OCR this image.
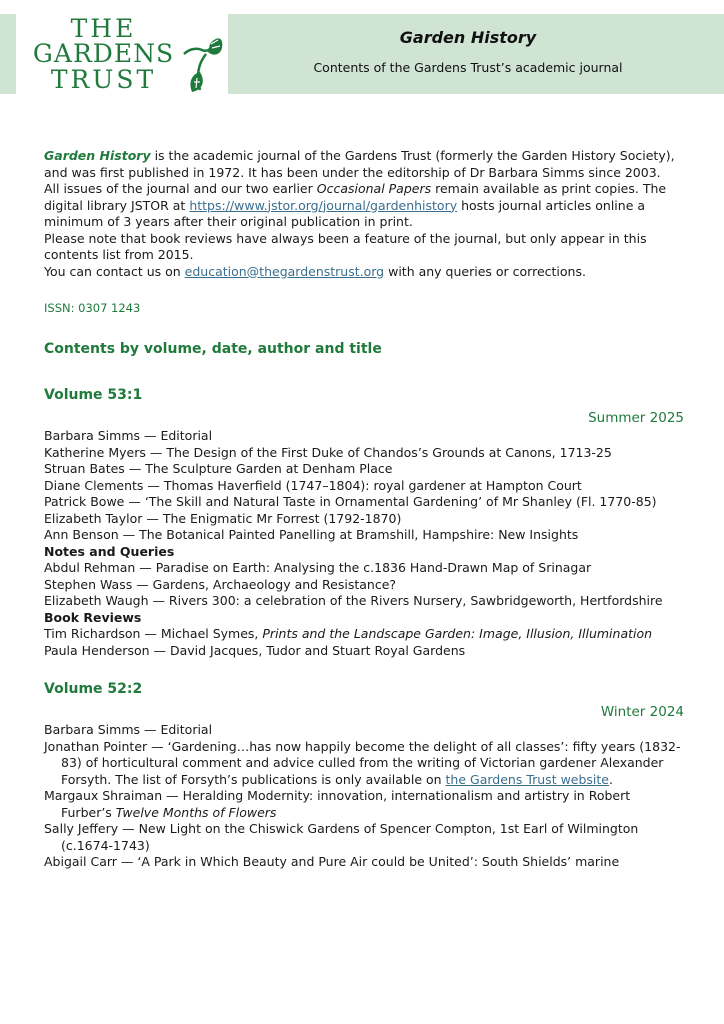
THE
GARDENS
TRUST
Garden History
Contents of the Gardens Trust’s academic journal

Garden History is the academic journal of the Gardens Trust (formerly the Garden History Society), and was first published in 1972. It has been under the editorship of Dr Barbara Simms since 2003.

All issues of the journal and our two earlier Occasional Papers remain available as print copies. The digital library JSTOR at https://www.jstor.org/journal/gardenhistory hosts journal articles online a minimum of 3 years after their original publication in print.

Please note that book reviews have always been a feature of the journal, but only appear in this contents list from 2015.

You can contact us on education@thegardenstrust.org with any queries or corrections.

ISSN: 0307 1243

Contents by volume, date, author and title

Volume 53:1
Summer 2025

Barbara Simms — Editorial

Katherine Myers — The Design of the First Duke of Chandos’s Grounds at Canons, 1713-25

Struan Bates — The Sculpture Garden at Denham Place

Diane Clements — Thomas Haverfield (1747–1804): royal gardener at Hampton Court

Patrick Bowe — ‘The Skill and Natural Taste in Ornamental Gardening’ of Mr Shanley (Fl. 1770-85)

Elizabeth Taylor — The Enigmatic Mr Forrest (1792-1870)

Ann Benson — The Botanical Painted Panelling at Bramshill, Hampshire: New Insights

Notes and Queries

Abdul Rehman — Paradise on Earth: Analysing the c.1836 Hand-Drawn Map of Srinagar

Stephen Wass — Gardens, Archaeology and Resistance?

Elizabeth Waugh — Rivers 300: a celebration of the Rivers Nursery, Sawbridgeworth, Hertfordshire

Book Reviews

Tim Richardson — Michael Symes, Prints and the Landscape Garden: Image, Illusion, Illumination

Paula Henderson — David Jacques, Tudor and Stuart Royal Gardens

Volume 52:2
Winter 2024

Barbara Simms — Editorial

Jonathan Pointer — ‘Gardening…has now happily become the delight of all classes’: fifty years (1832-83) of horticultural comment and advice culled from the writing of Victorian gardener Alexander Forsyth. The list of Forsyth’s publications is only available on the Gardens Trust website.

Margaux Shraiman — Heralding Modernity: innovation, internationalism and artistry in Robert Furber’s Twelve Months of Flowers

Sally Jeffery — New Light on the Chiswick Gardens of Spencer Compton, 1st Earl of Wilmington (c.1674-1743)

Abigail Carr — ‘A Park in Which Beauty and Pure Air could be United’: South Shields’ marine
